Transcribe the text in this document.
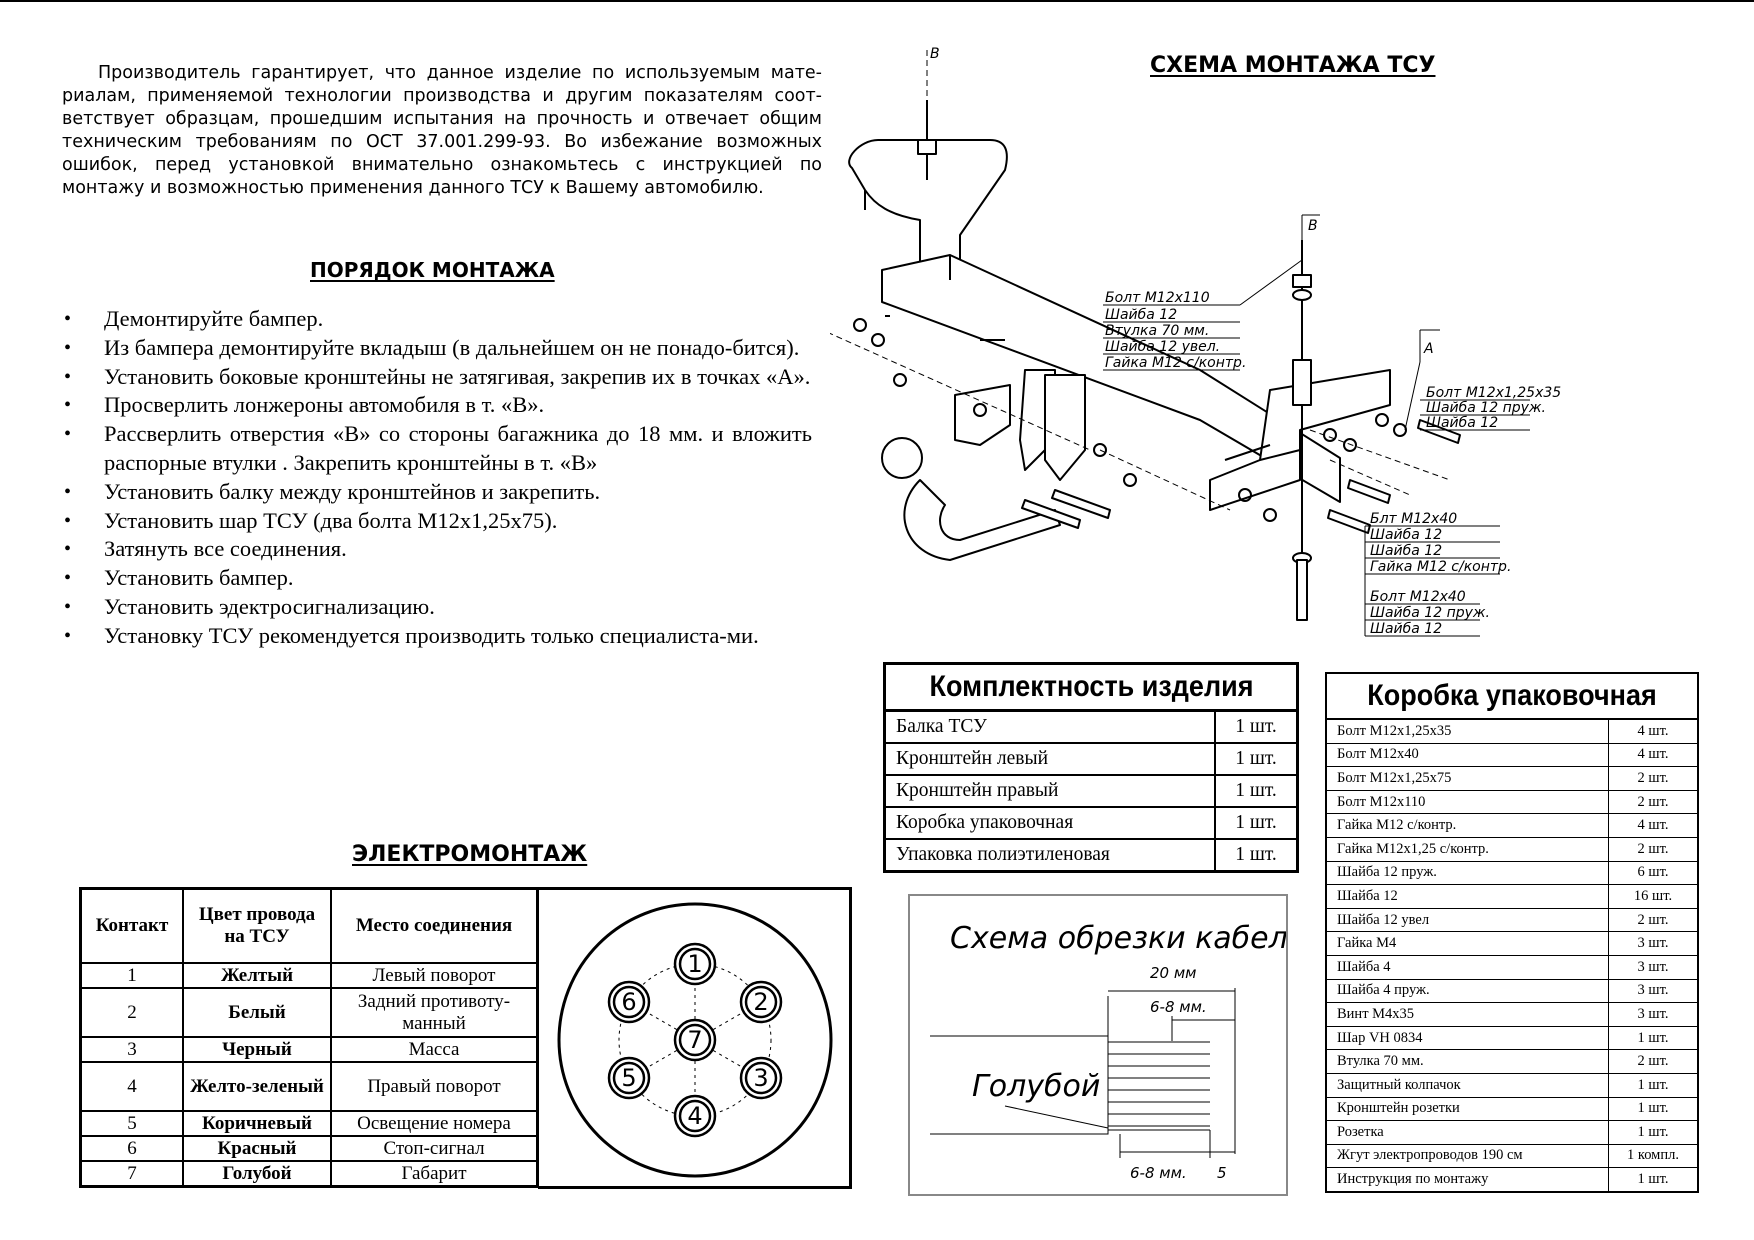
Производитель гарантирует, что данное изделие по используемым мате-риалам, применяемой технологии производства и другим показателям соот-ветствует образцам, прошедшим испытания на прочность и отвечает общим техническим требованиям по ОСТ 37.001.299-93. Во избежание возможных ошибок, перед установкой внимательно ознакомьтесь с инструкцией по монтажу и возможностью применения данного ТСУ к Вашему автомобилю.

ПОРЯДОК МОНТАЖА
• Демонтируйте бампер.
• Из бампера демонтируйте вкладыш (в дальнейшем он не понадо-бится).
• Установить боковые кронштейны не затягивая, закрепив их в точках «А».
• Просверлить лонжероны автомобиля в т. «В».
• Рассверлить отверстия «В» со стороны багажника до 18 мм. и вложить распорные втулки . Закрепить кронштейны в т. «В»
• Установить балку между кронштейнов и закрепить.
• Установить шар ТСУ (два болта М12х1,25х75).
• Затянуть все соединения.
• Установить бампер.
• Установить эдектросигнализацию.
• Установку ТСУ рекомендуется производить только специалиста-ми.
СХЕМА МОНТАЖА ТСУ
В
В
А
Болт М12х110
Шайба 12
Втулка 70 мм.
Шайба 12 увел.
Гайка М12 с/контр.
Болт М12х1,25х35
Шайба 12 пруж.
Шайба 12
Блт М12х40
Шайба 12
Шайба 12
Гайка М12 с/контр.
Болт М12х40
Шайба 12 пруж.
Шайба 12
ЭЛЕКТРОМОНТАЖ
Контакт	Цвет провода на ТСУ	Место соединения
1	Желтый	Левый поворот
2	Белый	Задний противоту-манный
3	Черный	Масса
4	Желто-зеленый	Правый поворот
5	Коричневый	Освещение номера
6	Красный	Стоп-сигнал
7	Голубой	Габарит
1
2
3
4
5
6
7
Комплектность изделия	
Балка ТСУ	1 шт.
Кронштейн левый	1 шт.
Кронштейн правый	1 шт.
Коробка упаковочная	1 шт.
Упаковка полиэтиленовая	1 шт.
Коробка упаковочная	
Болт М12х1,25х35	4 шт.
Болт М12х40	4 шт.
Болт М12х1,25х75	2 шт.
Болт М12х110	2 шт.
Гайка М12 с/контр.	4 шт.
Гайка М12х1,25 с/контр.	2 шт.
Шайба 12 пруж.	6 шт.
Шайба 12	16 шт.
Шайба 12 увел	2 шт.
Гайка М4	3 шт.
Шайба 4	3 шт.
Шайба 4 пруж.	3 шт.
Винт М4х35	3 шт.
Шар VH 0834	1 шт.
Втулка 70 мм.	2 шт.
Защитный колпачок	1 шт.
Кронштейн розетки	1 шт.
Розетка	1 шт.
Жгут электропроводов 190 см	1 компл.
Инструкция по монтажу	1 шт.
Схема обрезки кабеля
20 мм
6-8 мм.
6-8 мм. 5
Голубой
